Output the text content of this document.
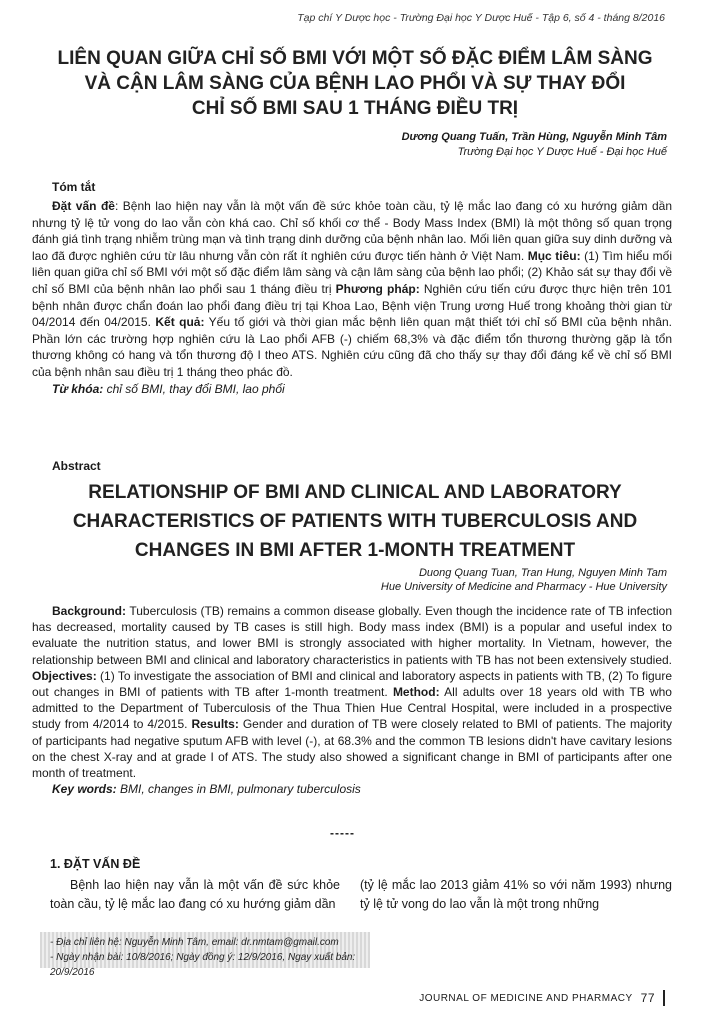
Tạp chí Y Dược học - Trường Đại học Y Dược Huế - Tập 6, số 4 - tháng 8/2016
LIÊN QUAN GIỮA CHỈ SỐ BMI VỚI MỘT SỐ ĐẶC ĐIỂM LÂM SÀNG
VÀ CẬN LÂM SÀNG CỦA BỆNH LAO PHỔI VÀ SỰ THAY ĐỔI
CHỈ SỐ BMI SAU 1 THÁNG ĐIỀU TRỊ
Dương Quang Tuấn, Trần Hùng, Nguyễn Minh Tâm
Trường Đại học Y Dược Huế - Đại học Huế
Tóm tắt
Đặt vấn đề: Bệnh lao hiện nay vẫn là một vấn đề sức khỏe toàn cầu, tỷ lệ mắc lao đang có xu hướng giảm dần nhưng tỷ lệ tử vong do lao vẫn còn khá cao. Chỉ số khối cơ thể - Body Mass Index (BMI) là một thông số quan trọng đánh giá tình trạng nhiễm trùng mạn và tình trạng dinh dưỡng của bệnh nhân lao. Mối liên quan giữa suy dinh dưỡng và lao đã được nghiên cứu từ lâu nhưng vẫn còn rất ít nghiên cứu được tiến hành ở Việt Nam. Mục tiêu: (1) Tìm hiểu mối liên quan giữa chỉ số BMI với một số đặc điểm lâm sàng và cận lâm sàng của bệnh lao phổi; (2) Khảo sát sự thay đổi về chỉ số BMI của bệnh nhân lao phổi sau 1 tháng điều trị Phương pháp: Nghiên cứu tiến cứu được thực hiện trên 101 bệnh nhân được chẩn đoán lao phổi đang điều trị tại Khoa Lao, Bệnh viện Trung ương Huế trong khoảng thời gian từ 04/2014 đến 04/2015. Kết quả: Yếu tố giới và thời gian mắc bệnh liên quan mật thiết tới chỉ số BMI của bệnh nhân. Phần lớn các trường hợp nghiên cứu là Lao phổi AFB (-) chiếm 68,3% và đặc điểm tổn thương thường gặp là tổn thương không có hang và tổn thương độ I theo ATS. Nghiên cứu cũng đã cho thấy sự thay đổi đáng kể về chỉ số BMI của bệnh nhân sau điều trị 1 tháng theo phác đồ.
Từ khóa: chỉ số BMI, thay đổi BMI, lao phổi
Abstract
RELATIONSHIP OF BMI AND CLINICAL AND LABORATORY
CHARACTERISTICS OF PATIENTS WITH TUBERCULOSIS AND
CHANGES IN BMI AFTER 1-MONTH TREATMENT
Duong Quang Tuan, Tran Hung, Nguyen Minh Tam
Hue University of Medicine and Pharmacy - Hue University
Background: Tuberculosis (TB) remains a common disease globally. Even though the incidence rate of TB infection has decreased, mortality caused by TB cases is still high. Body mass index (BMI) is a popular and useful index to evaluate the nutrition status, and lower BMI is strongly associated with higher mortality. In Vietnam, however, the relationship between BMI and clinical and laboratory characteristics in patients with TB has not been extensively studied. Objectives: (1) To investigate the association of BMI and clinical and laboratory aspects in patients with TB, (2) To figure out changes in BMI of patients with TB after 1-month treatment. Method: All adults over 18 years old with TB who admitted to the Department of Tuberculosis of the Thua Thien Hue Central Hospital, were included in a prospective study from 4/2014 to 4/2015. Results: Gender and duration of TB were closely related to BMI of patients. The majority of participants had negative sputum AFB with level (-), at 68.3% and the common TB lesions didn't have cavitary lesions on the chest X-ray and at grade I of ATS. The study also showed a significant change in BMI of participants after one month of treatment.
Key words: BMI, changes in BMI, pulmonary tuberculosis
-----
1. ĐẶT VẤN ĐỀ
Bệnh lao hiện nay vẫn là một vấn đề sức khỏe toàn cầu, tỷ lệ mắc lao đang có xu hướng giảm dần
(tỷ lệ mắc lao 2013 giảm 41% so với năm 1993) nhưng tỷ lệ tử vong do lao vẫn là một trong những
- Địa chỉ liên hệ: Nguyễn Minh Tâm, email: dr.nmtam@gmail.com
- Ngày nhận bài: 10/8/2016; Ngày đồng ý: 12/9/2016, Ngay xuất bản: 20/9/2016
JOURNAL OF MEDICINE AND PHARMACY 77
